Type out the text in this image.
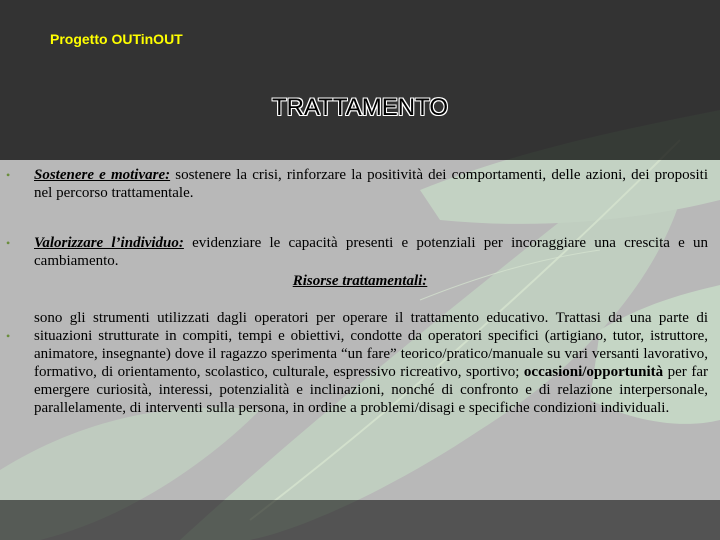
Progetto OUTinOUT
TRATTAMENTO
• Sostenere e motivare: sostenere la crisi, rinforzare la positività dei comportamenti, delle azioni, dei propositi nel percorso trattamentale.
• Valorizzare l’individuo: evidenziare le capacità presenti e potenziali per incoraggiare una crescita e un cambiamento.
Risorse trattamentali:
•
sono gli strumenti utilizzati dagli operatori per operare il trattamento educativo. Trattasi da una parte di situazioni strutturate in compiti, tempi e obiettivi, condotte da operatori specifici (artigiano, tutor, istruttore, animatore, insegnante) dove il ragazzo sperimenta “un fare” teorico/pratico/manuale su vari versanti lavorativo, formativo, di orientamento, scolastico, culturale, espressivo ricreativo, sportivo; occasioni/opportunità per far emergere curiosità, interessi, potenzialità e inclinazioni, nonché di confronto e di relazione interpersonale, parallelamente, di interventi sulla persona, in ordine a problemi/disagi e specifiche condizioni individuali.
